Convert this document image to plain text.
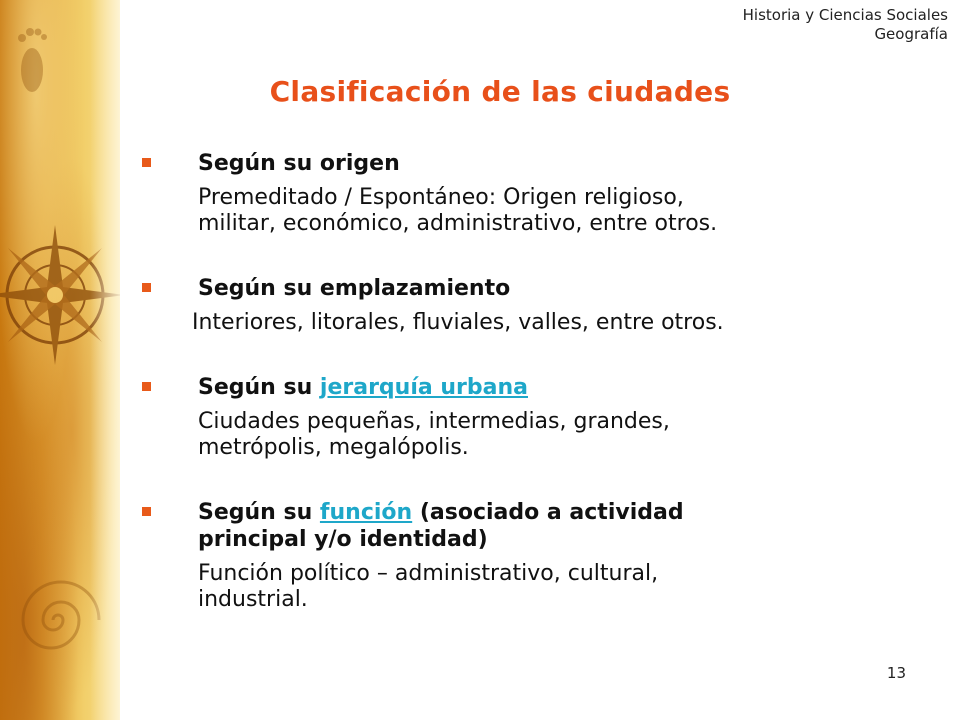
Historia y Ciencias Sociales
Geografía
Clasificación de las ciudades
Según su origen
Premeditado / Espontáneo: Origen religioso,
militar, económico, administrativo, entre otros.
Según su emplazamiento
Interiores, litorales, fluviales, valles, entre otros.
Según su jerarquía urbana
Ciudades pequeñas, intermedias, grandes,
metrópolis, megalópolis.
Según su función (asociado a actividad
principal y/o identidad)
Función político – administrativo, cultural,
industrial.
13
